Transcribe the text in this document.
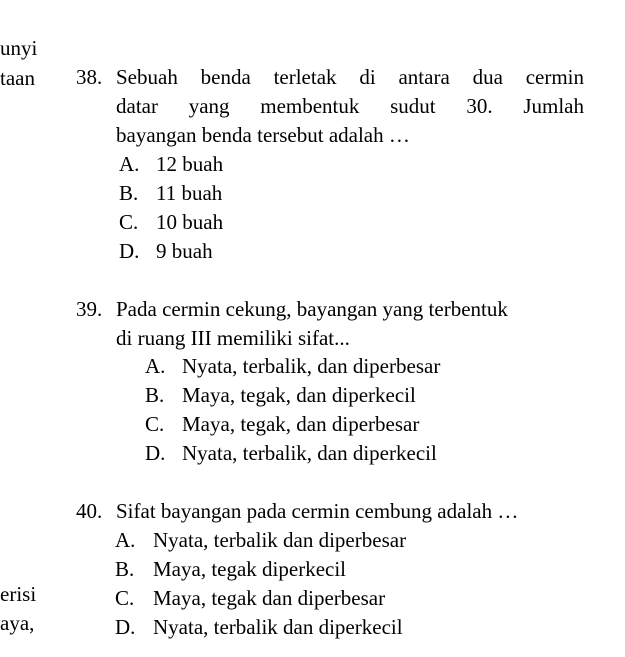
unyi
taan
erisi
aya,
38. Sebuah benda terletak di antara dua cermin
datar yang membentuk sudut 30. Jumlah
bayangan benda tersebut adalah …
A. 12 buah
B. 11 buah
C. 10 buah
D. 9 buah
39. Pada cermin cekung, bayangan yang terbentuk
di ruang III memiliki sifat...
A. Nyata, terbalik, dan diperbesar
B. Maya, tegak, dan diperkecil
C. Maya, tegak, dan diperbesar
D. Nyata, terbalik, dan diperkecil
40. Sifat bayangan pada cermin cembung adalah …
A. Nyata, terbalik dan diperbesar
B. Maya, tegak diperkecil
C. Maya, tegak dan diperbesar
D. Nyata, terbalik dan diperkecil
